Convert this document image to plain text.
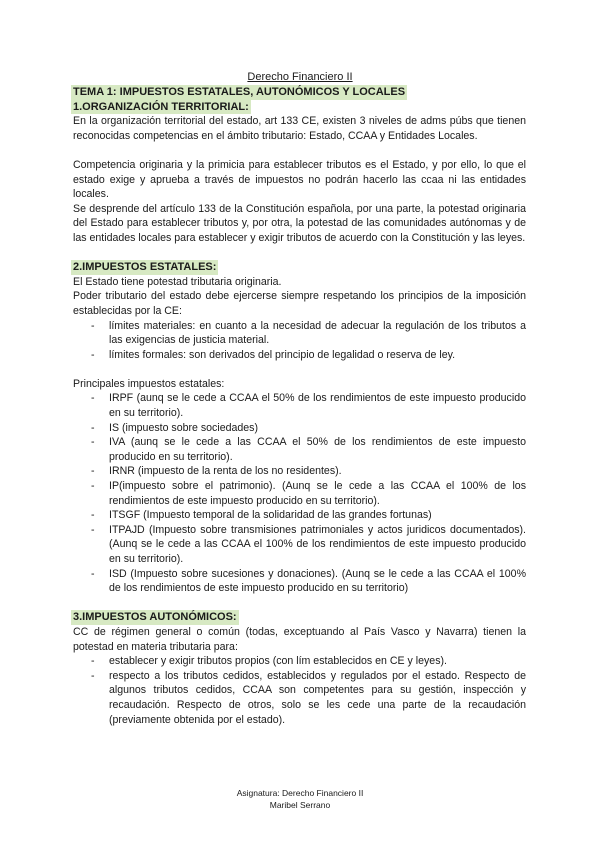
Derecho Financiero II
TEMA 1: IMPUESTOS ESTATALES, AUTONÓMICOS Y LOCALES
1.ORGANIZACIÓN TERRITORIAL:

En la organización territorial del estado, art 133 CE, existen 3 niveles de adms púbs que tienen reconocidas competencias en el ámbito tributario: Estado, CCAA y Entidades Locales.

Competencia originaria y la primicia para establecer tributos es el Estado, y por ello, lo que el estado exige y aprueba a través de impuestos no podrán hacerlo las ccaa ni las entidades locales.

Se desprende del artículo 133 de la Constitución española, por una parte, la potestad originaria del Estado para establecer tributos y, por otra, la potestad de las comunidades autónomas y de las entidades locales para establecer y exigir tributos de acuerdo con la Constitución y las leyes.

2.IMPUESTOS ESTATALES:

El Estado tiene potestad tributaria originaria.

Poder tributario del estado debe ejercerse siempre respetando los principios de la imposición establecidas por la CE:

- límites materiales: en cuanto a la necesidad de adecuar la regulación de los tributos a las exigencias de justicia material.
- límites formales: son derivados del principio de legalidad o reserva de ley.

Principales impuestos estatales:

- IRPF (aunq se le cede a CCAA el 50% de los rendimientos de este impuesto producido en su territorio).
- IS (impuesto sobre sociedades)
- IVA (aunq se le cede a las CCAA el 50% de los rendimientos de este impuesto producido en su territorio).
- IRNR (impuesto de la renta de los no residentes).
- IP(impuesto sobre el patrimonio). (Aunq se le cede a las CCAA el 100% de los rendimientos de este impuesto producido en su territorio).
- ITSGF (Impuesto temporal de la solidaridad de las grandes fortunas)
- ITPAJD (Impuesto sobre transmisiones patrimoniales y actos juridicos documentados). (Aunq se le cede a las CCAA el 100% de los rendimientos de este impuesto producido en su territorio).
- ISD (Impuesto sobre sucesiones y donaciones). (Aunq se le cede a las CCAA el 100% de los rendimientos de este impuesto producido en su territorio)
3.IMPUESTOS AUTONÓMICOS:

CC de régimen general o común (todas, exceptuando al País Vasco y Navarra) tienen la potestad en materia tributaria para:

- establecer y exigir tributos propios (con lím establecidos en CE y leyes).
- respecto a los tributos cedidos, establecidos y regulados por el estado. Respecto de algunos tributos cedidos, CCAA son competentes para su gestión, inspección y recaudación. Respecto de otros, solo se les cede una parte de la recaudación (previamente obtenida por el estado).
Asignatura: Derecho Financiero II
Maribel Serrano
